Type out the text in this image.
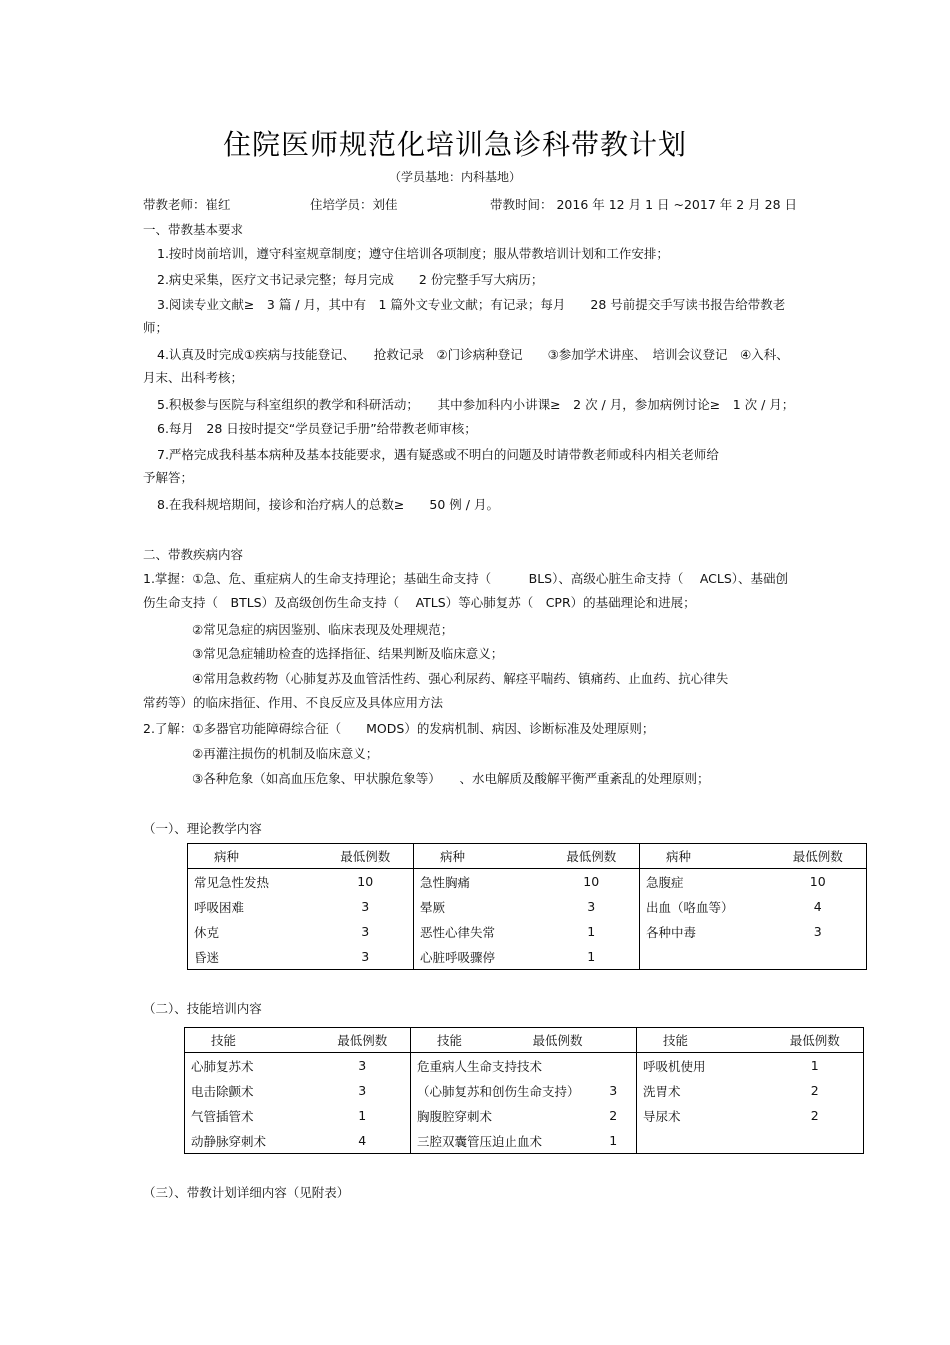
住院医师规范化培训急诊科带教计划
（学员基地：内科基地）
带教老师：崔红	住培学员：刘佳	带教时间： 2016 年 12 月 1 日 ~2017 年 2 月 28 日
一、带教基本要求
1.按时岗前培训，遵守科室规章制度；遵守住培训各项制度；服从带教培训计划和工作安排；
2.病史采集，医疗文书记录完整；每月完成　　2 份完整手写大病历；
3.阅读专业文献≥　3 篇 / 月，其中有　1 篇外文专业文献；有记录；每月　　28 号前提交手写读书报告给带教老
师；
4.认真及时完成①疾病与技能登记、　　抢救记录　②门诊病种登记　　③参加学术讲座、　培训会议登记　④入科、
月末、出科考核；
5.积极参与医院与科室组织的教学和科研活动；　　其中参加科内小讲课≥　2 次 / 月，参加病例讨论≥　1 次 / 月；
6.每月　28 日按时提交“学员登记手册”给带教老师审核；
7.严格完成我科基本病种及基本技能要求，遇有疑惑或不明白的问题及时请带教老师或科内相关老师给
予解答；
8.在我科规培期间，接诊和治疗病人的总数≥　　50 例 / 月。
二、带教疾病内容
1.掌握：①急、危、重症病人的生命支持理论；基础生命支持（　　　BLS）、高级心脏生命支持（　 ACLS）、基础创
伤生命支持（　BTLS）及高级创伤生命支持（　 ATLS）等心肺复苏（　CPR）的基础理论和进展；
②常见急症的病因鉴别、临床表现及处理规范；
③常见急症辅助检查的选择指征、结果判断及临床意义；
④常用急救药物（心肺复苏及血管活性药、强心利尿药、解痉平喘药、镇痛药、止血药、抗心律失
常药等）的临床指征、作用、不良反应及具体应用方法
2.了解：①多器官功能障碍综合征（　　MODS）的发病机制、病因、诊断标准及处理原则；
②再灌注损伤的机制及临床意义；
③各种危象（如高血压危象、甲状腺危象等）　　、水电解质及酸解平衡严重紊乱的处理原则；
（一）、理论教学内容
病种	最低例数	病种	最低例数	病种	最低例数
常见急性发热	10	急性胸痛	10	急腹症	10
呼吸困难	3	晕厥	3	出血（咯血等）	4
休克	3	恶性心律失常	1	各种中毒	3
昏迷	3	心脏呼吸骤停	1		
（二）、技能培训内容
技能	最低例数	技能	最低例数	技能	最低例数
心肺复苏术	3	危重病人生命支持技术		呼吸机使用	1
电击除颤术	3	（心肺复苏和创伤生命支持）	3	洗胃术	2
气管插管术	1	胸腹腔穿刺术	2	导尿术	2
动静脉穿刺术	4	三腔双囊管压迫止血术	1		
（三）、带教计划详细内容（见附表）
